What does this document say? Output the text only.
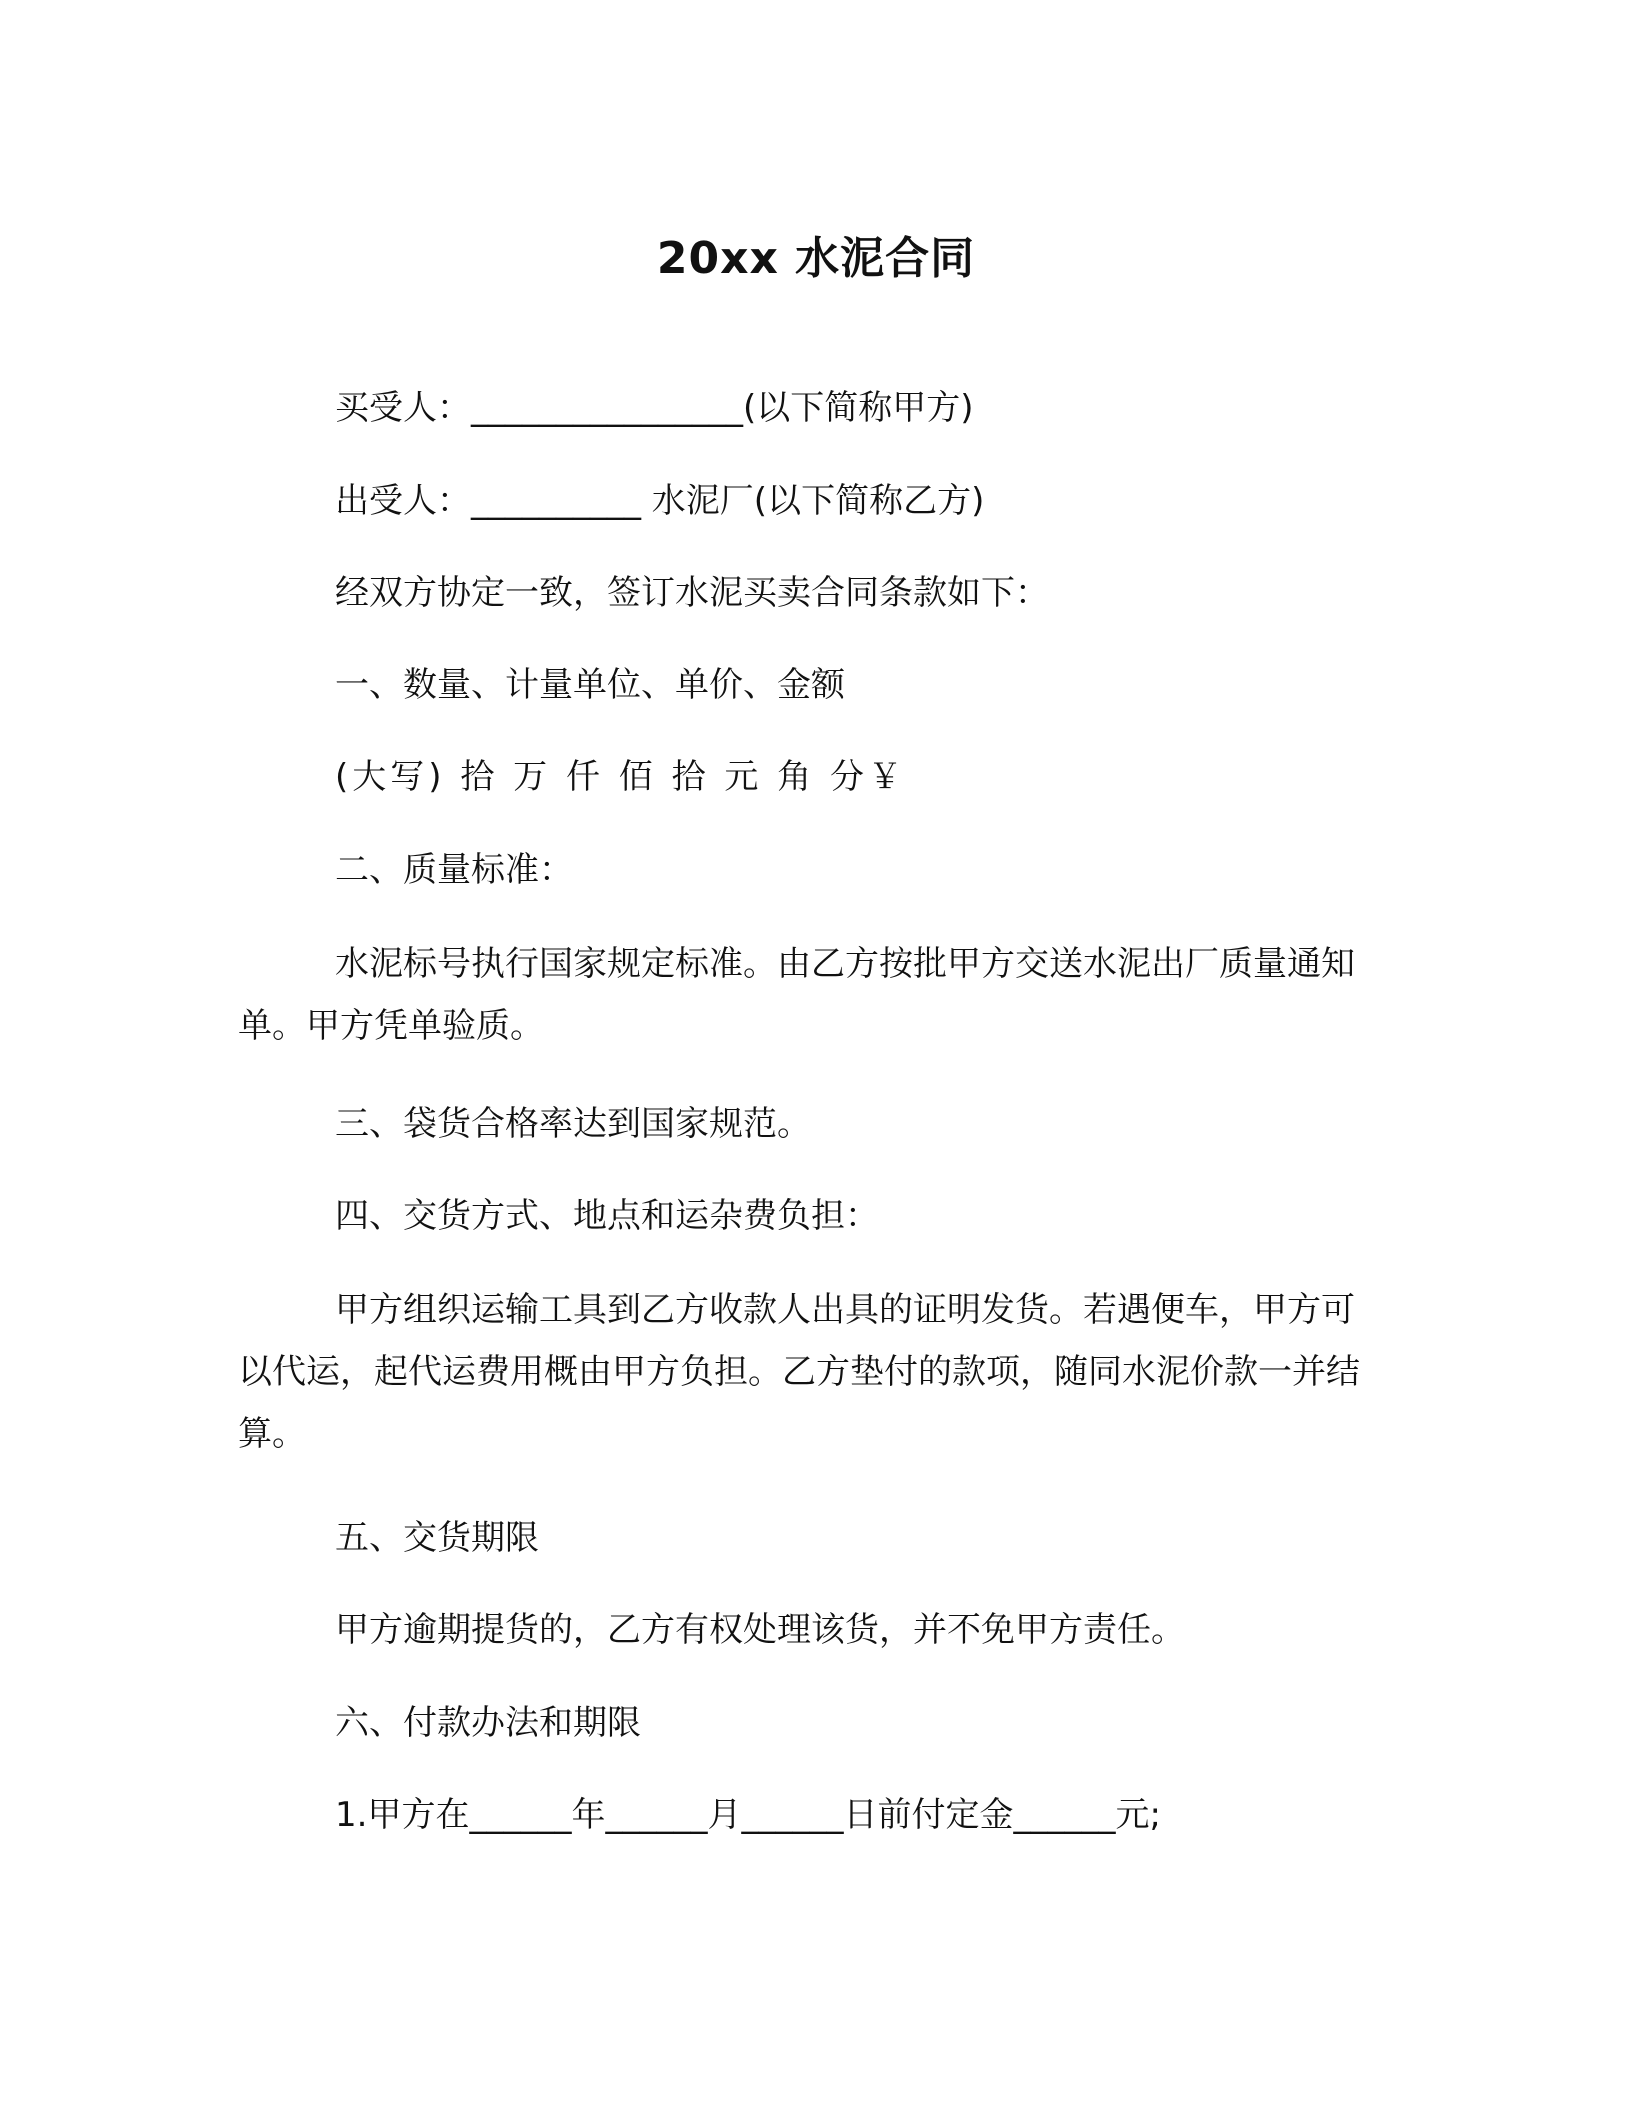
20xx 水泥合同
买受人：________________(以下简称甲方)
出受人：__________ 水泥厂(以下简称乙方)
经双方协定一致，签订水泥买卖合同条款如下：
一、数量、计量单位、单价、金额
(大写) 拾 万 仟 佰 拾 元 角 分￥
二、质量标准：
水泥标号执行国家规定标准。由乙方按批甲方交送水泥出厂质量通知单。甲方凭单验质。
三、袋货合格率达到国家规范。
四、交货方式、地点和运杂费负担：
甲方组织运输工具到乙方收款人出具的证明发货。若遇便车，甲方可以代运，起代运费用概由甲方负担。乙方垫付的款项，随同水泥价款一并结算。
五、交货期限
甲方逾期提货的，乙方有权处理该货，并不免甲方责任。
六、付款办法和期限
1.甲方在______年______月______日前付定金______元;
